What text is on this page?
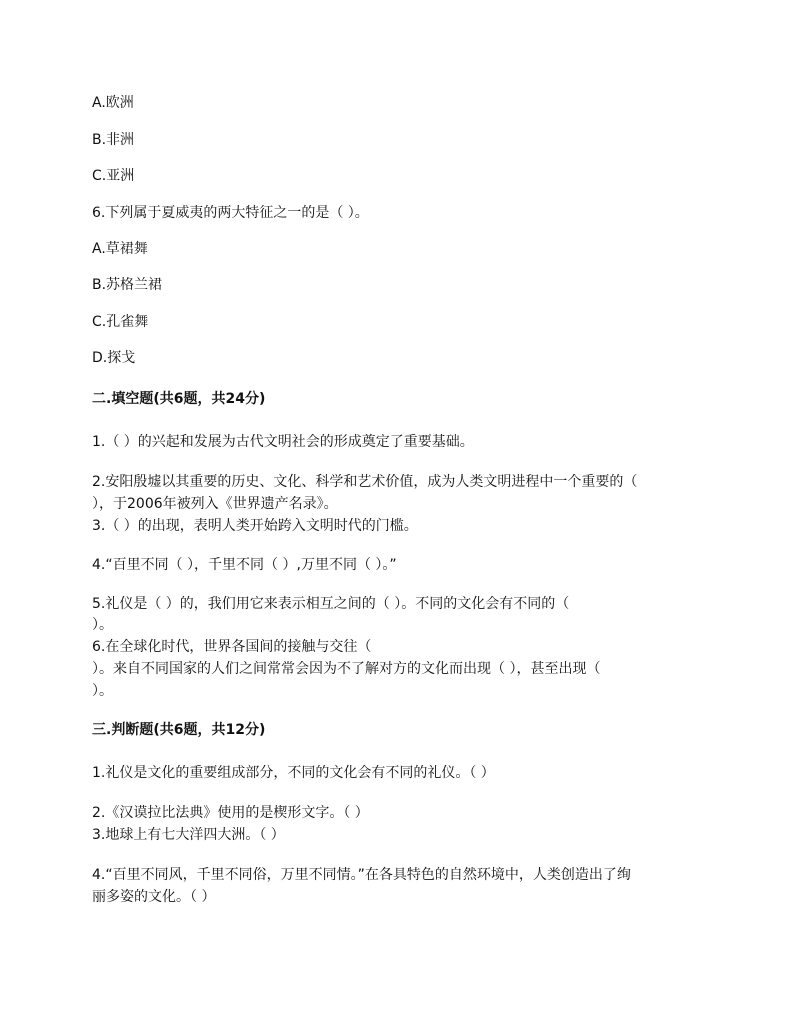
A.欧洲
B.非洲
C.亚洲
6.下列属于夏威夷的两大特征之一的是（ ）。
A.草裙舞
B.苏格兰裙
C.孔雀舞
D.探戈
二.填空题(共6题，共24分)
1.（ ）的兴起和发展为古代文明社会的形成奠定了重要基础。
2.安阳殷墟以其重要的历史、文化、科学和艺术价值，成为人类文明进程中一个重要的（
），于2006年被列入《世界遗产名录》。
3.（ ）的出现，表明人类开始跨入文明时代的门槛。
4.“百里不同（ ），千里不同（ ）,万里不同（ ）。”
5.礼仪是（ ）的，我们用它来表示相互之间的（ ）。不同的文化会有不同的（
）。
6.在全球化时代，世界各国间的接触与交往（
）。来自不同国家的人们之间常常会因为不了解对方的文化而出现（ ），甚至出现（
）。
三.判断题(共6题，共12分)
1.礼仪是文化的重要组成部分，不同的文化会有不同的礼仪。（ ）
2.《汉谟拉比法典》使用的是楔形文字。（ ）
3.地球上有七大洋四大洲。（ ）
4.“百里不同风，千里不同俗，万里不同情。”在各具特色的自然环境中，人类创造出了绚
丽多姿的文化。（ ）
